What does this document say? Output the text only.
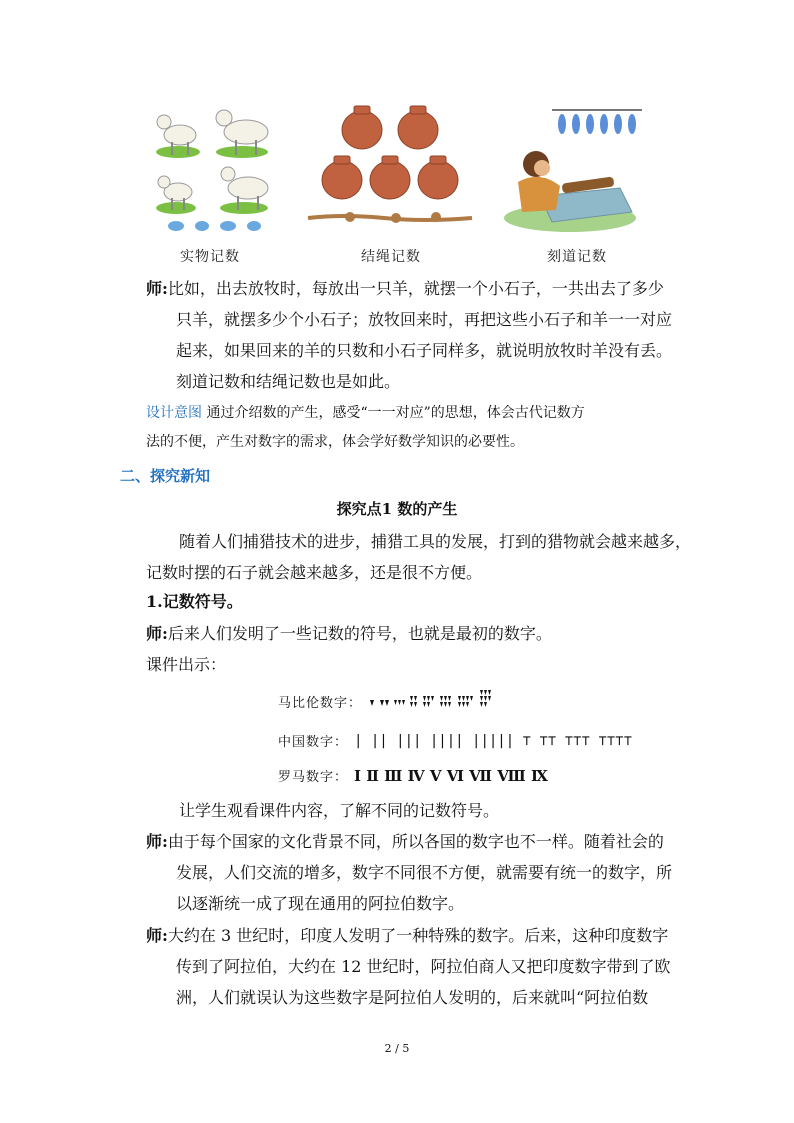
实物记数	结绳记数	刻道记数
师:比如，出去放牧时，每放出一只羊，就摆一个小石子，一共出去了多少
只羊，就摆多少个小石子；放牧回来时，再把这些小石子和羊一一对应
起来，如果回来的羊的只数和小石子同样多，就说明放牧时羊没有丢。
刻道记数和结绳记数也是如此。
设计意图 通过介绍数的产生，感受“一一对应”的思想，体会古代记数方
法的不便，产生对数字的需求，体会学好数学知识的必要性。
二、探究新知
探究点1 数的产生
随着人们捕猎技术的进步，捕猎工具的发展，打到的猎物就会越来越多，
记数时摆的石子就会越来越多，还是很不方便。
1.记数符号。
师:后来人们发明了一些记数的符号，也就是最初的数字。
课件出示：
马比伦数字：
中国数字： | || ||| |||| ||||| ⊤ ⊤⊤ ⊤⊤⊤ ⊤⊤⊤⊤
罗马数字： Ⅰ Ⅱ Ⅲ Ⅳ Ⅴ Ⅵ Ⅶ Ⅷ Ⅸ
让学生观看课件内容，了解不同的记数符号。
师:由于每个国家的文化背景不同，所以各国的数字也不一样。随着社会的
发展，人们交流的增多，数字不同很不方便，就需要有统一的数字，所
以逐渐统一成了现在通用的阿拉伯数字。
师:大约在 3 世纪时，印度人发明了一种特殊的数字。后来，这种印度数字
传到了阿拉伯，大约在 12 世纪时，阿拉伯商人又把印度数字带到了欧
洲，人们就误认为这些数字是阿拉伯人发明的，后来就叫“阿拉伯数
2 / 5
